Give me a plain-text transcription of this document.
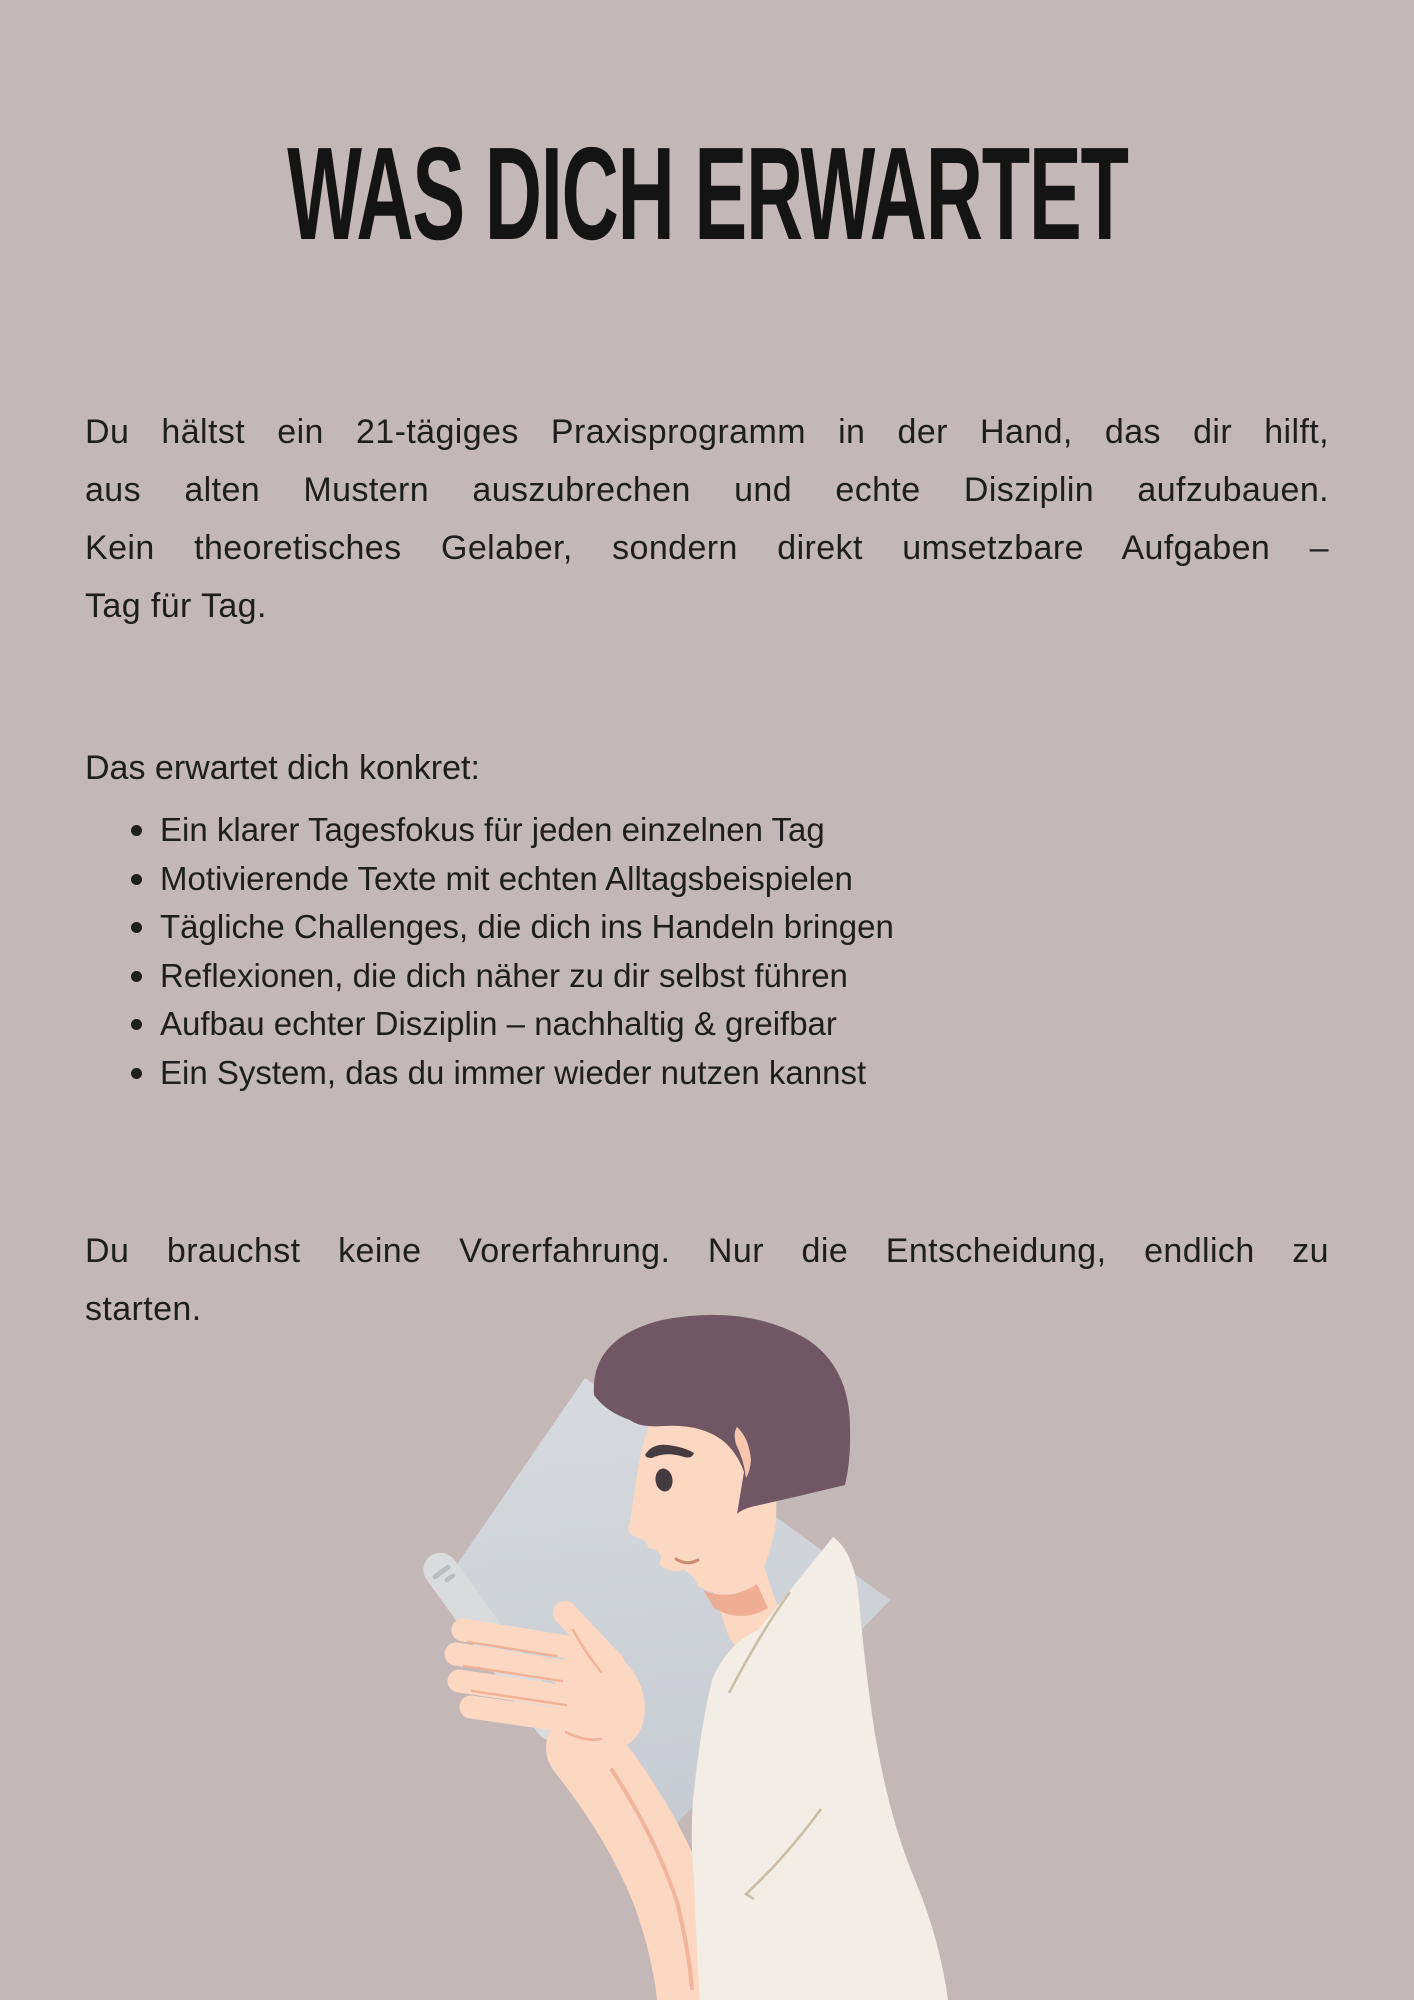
WAS DICH ERWARTET
Du hältst ein 21-tägiges Praxisprogramm in der Hand, das dir hilft,
aus alten Mustern auszubrechen und echte Disziplin aufzubauen.
Kein theoretisches Gelaber, sondern direkt umsetzbare Aufgaben –
Tag für Tag.

Das erwartet dich konkret:

Ein klarer Tagesfokus für jeden einzelnen Tag
Motivierende Texte mit echten Alltagsbeispielen
Tägliche Challenges, die dich ins Handeln bringen
Reflexionen, die dich näher zu dir selbst führen
Aufbau echter Disziplin – nachhaltig & greifbar
Ein System, das du immer wieder nutzen kannst
Du brauchst keine Vorerfahrung. Nur die Entscheidung, endlich zu
starten.
